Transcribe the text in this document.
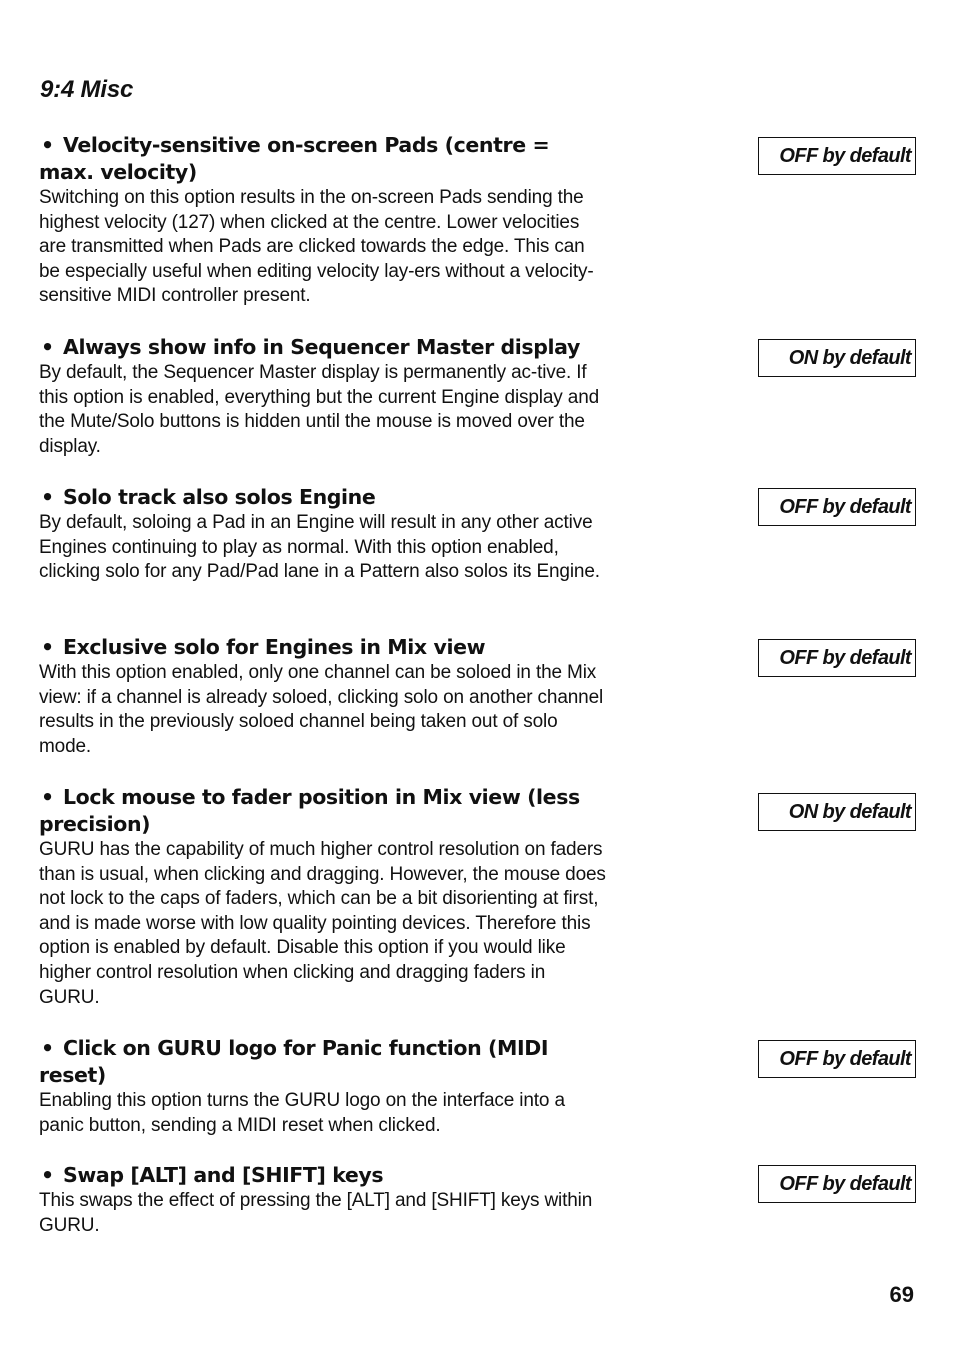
9:4 Misc
• Velocity-sensitive on-screen Pads (centre = max. velocity)

Switching on this option results in the on-screen Pads sending the highest velocity (127) when clicked at the centre. Lower velocities are transmitted when Pads are clicked towards the edge. This can be especially useful when editing velocity lay-ers without a velocity-sensitive MIDI controller present.

OFF by default
• Always show info in Sequencer Master display

By default, the Sequencer Master display is permanently ac-tive. If this option is enabled, everything but the current Engine display and the Mute/Solo buttons is hidden until the mouse is moved over the display.

ON by default
• Solo track also solos Engine

By default, soloing a Pad in an Engine will result in any other active Engines continuing to play as normal. With this option enabled, clicking solo for any Pad/Pad lane in a Pattern also solos its Engine.

OFF by default
• Exclusive solo for Engines in Mix view

With this option enabled, only one channel can be soloed in the Mix view: if a channel is already soloed, clicking solo on another channel results in the previously soloed channel being taken out of solo mode.

OFF by default
• Lock mouse to fader position in Mix view (less precision)

GURU has the capability of much higher control resolution on faders than is usual, when clicking and dragging. However, the mouse does not lock to the caps of faders, which can be a bit disorienting at first, and is made worse with low quality pointing devices. Therefore this option is enabled by default. Disable this option if you would like higher control resolution when clicking and dragging faders in GURU.

ON by default
• Click on GURU logo for Panic function (MIDI reset)

Enabling this option turns the GURU logo on the interface into a panic button, sending a MIDI reset when clicked.

OFF by default
• Swap [ALT] and [SHIFT] keys

This swaps the effect of pressing the [ALT] and [SHIFT] keys within GURU.

OFF by default
69
